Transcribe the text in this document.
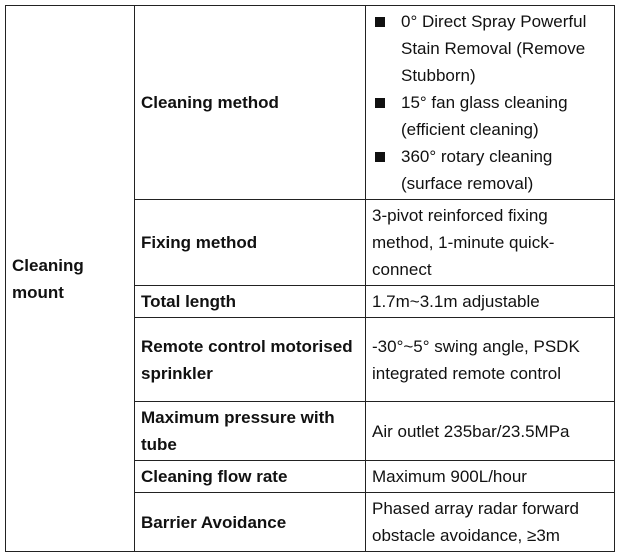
Cleaning mount	Cleaning method	0° Direct Spray Powerful Stain Removal (Remove Stubborn)
15° fan glass cleaning (efficient cleaning)
360° rotary cleaning (surface removal)

	Fixing method	3-pivot reinforced fixing method, 1-minute quick-connect
	Total length	1.7m~3.1m adjustable
	Remote control motorised sprinkler	-30°~5° swing angle, PSDK integrated remote control
	Maximum pressure with tube	Air outlet 235bar/23.5MPa
	Cleaning flow rate	Maximum 900L/hour
	Barrier Avoidance	Phased array radar forward obstacle avoidance, ≥3m
